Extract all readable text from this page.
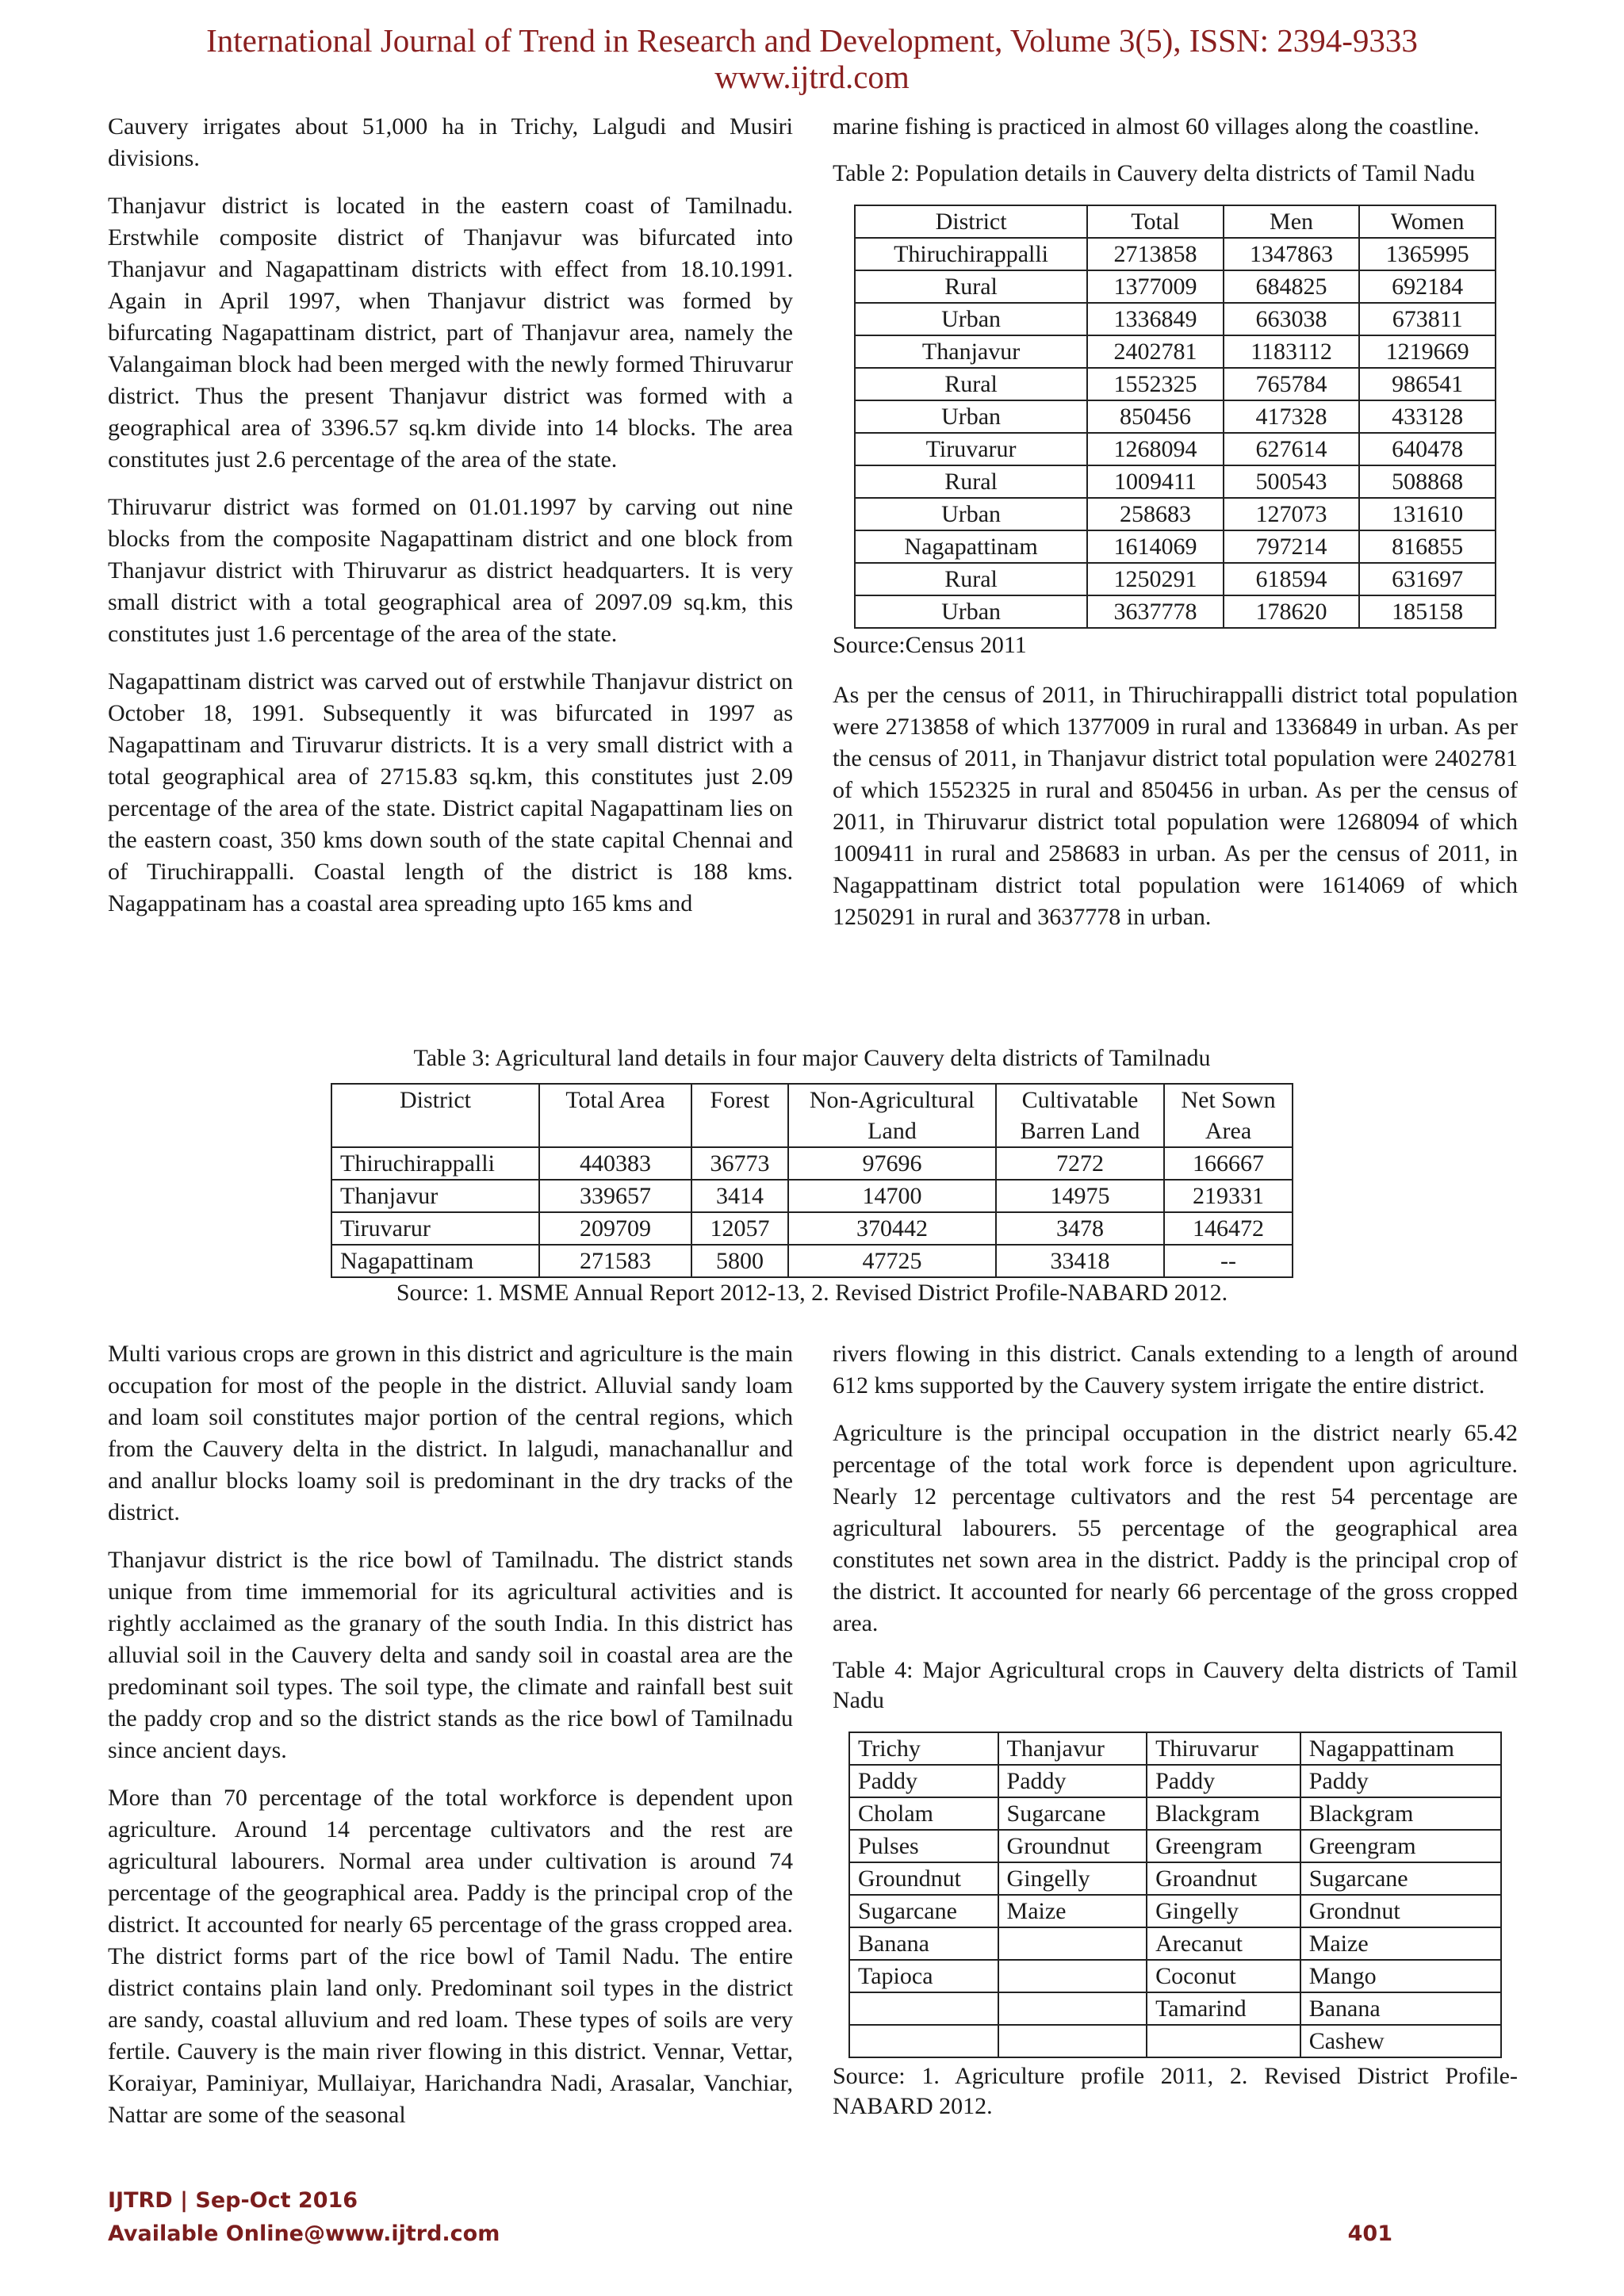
International Journal of Trend in Research and Development, Volume 3(5), ISSN: 2394-9333
www.ijtrd.com

Cauvery irrigates about 51,000 ha in Trichy, Lalgudi and Musiri divisions.

Thanjavur district is located in the eastern coast of Tamilnadu. Erstwhile composite district of Thanjavur was bifurcated into Thanjavur and Nagapattinam districts with effect from 18.10.1991. Again in April 1997, when Thanjavur district was formed by bifurcating Nagapattinam district, part of Thanjavur area, namely the Valangaiman block had been merged with the newly formed Thiruvarur district. Thus the present Thanjavur district was formed with a geographical area of 3396.57 sq.km divide into 14 blocks. The area constitutes just 2.6 percentage of the area of the state.

Thiruvarur district was formed on 01.01.1997 by carving out nine blocks from the composite Nagapattinam district and one block from Thanjavur district with Thiruvarur as district headquarters. It is very small district with a total geographical area of 2097.09 sq.km, this constitutes just 1.6 percentage of the area of the state.

Nagapattinam district was carved out of erstwhile Thanjavur district on October 18, 1991. Subsequently it was bifurcated in 1997 as Nagapattinam and Tiruvarur districts. It is a very small district with a total geographical area of 2715.83 sq.km, this constitutes just 2.09 percentage of the area of the state. District capital Nagapattinam lies on the eastern coast, 350 kms down south of the state capital Chennai and of Tiruchirappalli. Coastal length of the district is 188 kms. Nagappatinam has a coastal area spreading upto 165 kms and

marine fishing is practiced in almost 60 villages along the coastline.

Table 2: Population details in Cauvery delta districts of Tamil Nadu

District	Total	Men	Women
Thiruchirappalli	2713858	1347863	1365995
Rural	1377009	684825	692184
Urban	1336849	663038	673811
Thanjavur	2402781	1183112	1219669
Rural	1552325	765784	986541
Urban	850456	417328	433128
Tiruvarur	1268094	627614	640478
Rural	1009411	500543	508868
Urban	258683	127073	131610
Nagapattinam	1614069	797214	816855
Rural	1250291	618594	631697
Urban	3637778	178620	185158

Source:Census 2011

As per the census of 2011, in Thiruchirappalli district total population were 2713858 of which 1377009 in rural and 1336849 in urban. As per the census of 2011, in Thanjavur district total population were 2402781 of which 1552325 in rural and 850456 in urban. As per the census of 2011, in Thiruvarur district total population were 1268094 of which 1009411 in rural and 258683 in urban. As per the census of 2011, in Nagappattinam district total population were 1614069 of which 1250291 in rural and 3637778 in urban.

Table 3: Agricultural land details in four major Cauvery delta districts of Tamilnadu

District	Total Area	Forest	Non-Agricultural Land	Cultivatable Barren Land	Net Sown Area
Thiruchirappalli	440383	36773	97696	7272	166667
Thanjavur	339657	3414	14700	14975	219331
Tiruvarur	209709	12057	370442	3478	146472
Nagapattinam	271583	5800	47725	33418	--

Source: 1. MSME Annual Report 2012-13, 2. Revised District Profile-NABARD 2012.

Multi various crops are grown in this district and agriculture is the main occupation for most of the people in the district. Alluvial sandy loam and loam soil constitutes major portion of the central regions, which from the Cauvery delta in the district. In lalgudi, manachanallur and and anallur blocks loamy soil is predominant in the dry tracks of the district.

Thanjavur district is the rice bowl of Tamilnadu. The district stands unique from time immemorial for its agricultural activities and is rightly acclaimed as the granary of the south India. In this district has alluvial soil in the Cauvery delta and sandy soil in coastal area are the predominant soil types. The soil type, the climate and rainfall best suit the paddy crop and so the district stands as the rice bowl of Tamilnadu since ancient days.

More than 70 percentage of the total workforce is dependent upon agriculture. Around 14 percentage cultivators and the rest are agricultural labourers. Normal area under cultivation is around 74 percentage of the geographical area. Paddy is the principal crop of the district. It accounted for nearly 65 percentage of the grass cropped area. The district forms part of the rice bowl of Tamil Nadu. The entire district contains plain land only. Predominant soil types in the district are sandy, coastal alluvium and red loam. These types of soils are very fertile. Cauvery is the main river flowing in this district. Vennar, Vettar, Koraiyar, Paminiyar, Mullaiyar, Harichandra Nadi, Arasalar, Vanchiar, Nattar are some of the seasonal

rivers flowing in this district. Canals extending to a length of around 612 kms supported by the Cauvery system irrigate the entire district.

Agriculture is the principal occupation in the district nearly 65.42 percentage of the total work force is dependent upon agriculture. Nearly 12 percentage cultivators and the rest 54 percentage are agricultural labourers. 55 percentage of the geographical area constitutes net sown area in the district. Paddy is the principal crop of the district. It accounted for nearly 66 percentage of the gross cropped area.

Table 4: Major Agricultural crops in Cauvery delta districts of Tamil Nadu

Trichy	Thanjavur	Thiruvarur	Nagappattinam
Paddy	Paddy	Paddy	Paddy
Cholam	Sugarcane	Blackgram	Blackgram
Pulses	Groundnut	Greengram	Greengram
Groundnut	Gingelly	Groandnut	Sugarcane
Sugarcane	Maize	Gingelly	Grondnut
Banana		Arecanut	Maize
Tapioca		Coconut	Mango
		Tamarind	Banana
			Cashew

Source: 1. Agriculture profile 2011, 2. Revised District Profile-NABARD 2012.

IJTRD | Sep-Oct 2016
Available Online@www.ijtrd.com	401
